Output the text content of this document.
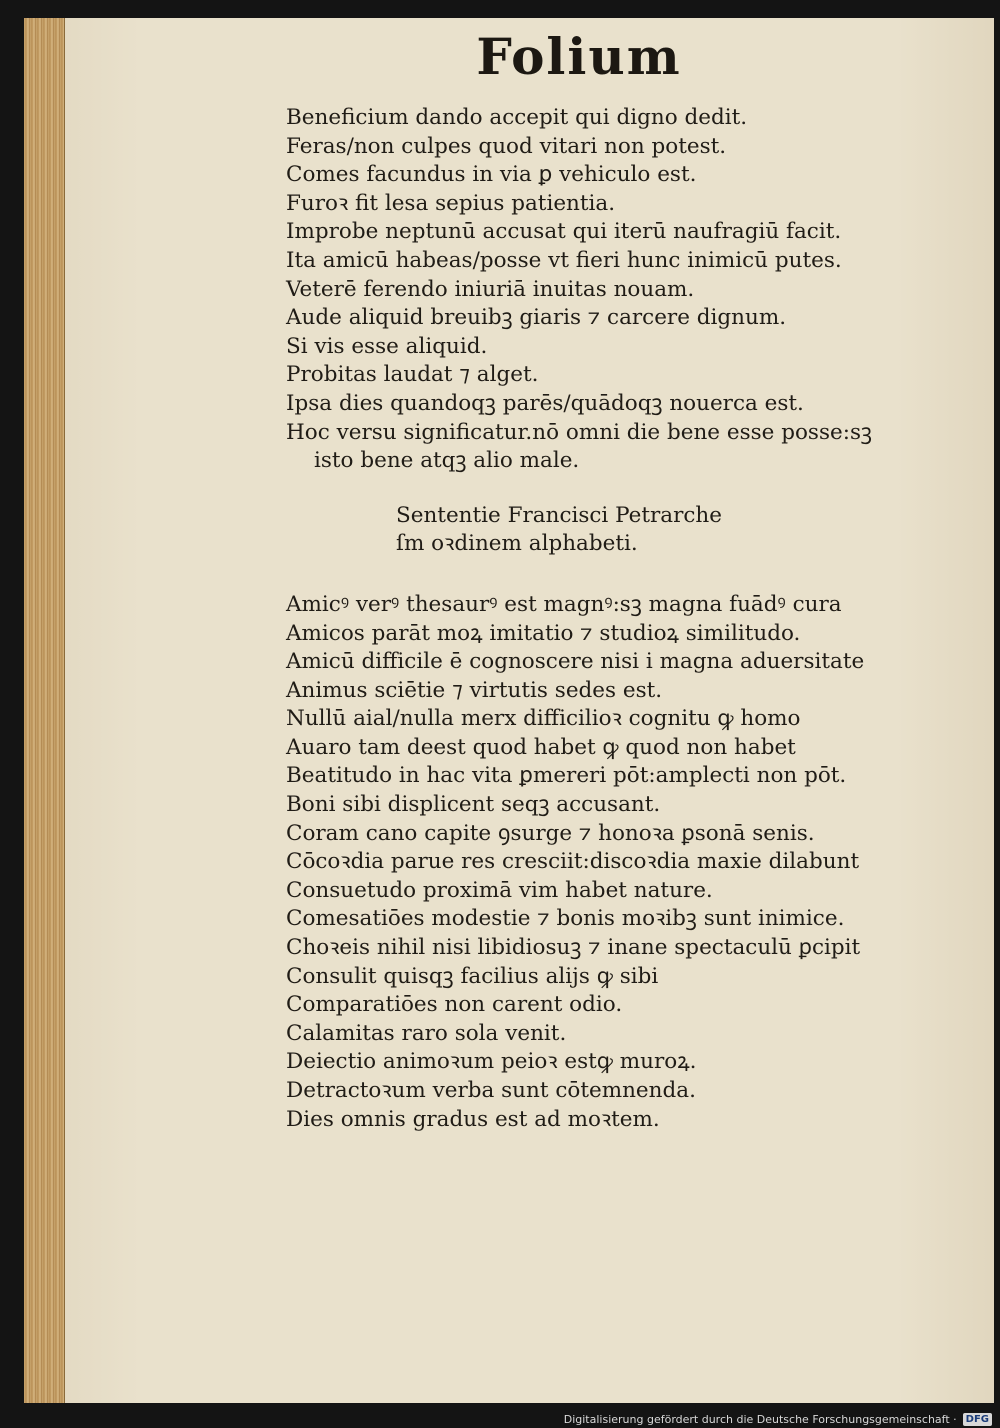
Folium
Beneficium dando accepit qui digno dedit.
Feras/non culpes quod vitari non potest.
Comes facundus in via ꝑ vehiculo est.
Furoꝛ fit lesa sepius patientia.
Improbe neptunū accusat qui iterū naufragiū facit.
Ita amicū habeas/posse vt fieri hunc inimicū putes.
Veterē ferendo iniuriā inuitas nouam.
Aude aliquid breuibꝫ giaris ⁊ carcere dignum.
Si vis esse aliquid.
Probitas laudat ⁊ alget.
Ipsa dies quandoqꝫ parēs/quādoqꝫ nouerca est.
Hoc versu significatur.nō omni die bene esse posse:sꝫ
isto bene atqꝫ alio male.
Sententie Francisci Petrarche
ſm oꝛdinem alphabeti.
Amicꝰ verꝰ thesaurꝰ est magnꝰ:sꝫ magna fuādꝰ cura
Amicos parāt moꝝ imitatio ⁊ studioꝝ similitudo.
Amicū difficile ē cognoscere nisi i magna aduersitate
Animus sciētie ⁊ virtutis sedes est.
Nullū aial/nulla merx difficilioꝛ cognitu ꝙ homo
Auaro tam deest quod habet ꝙ quod non habet
Beatitudo in hac vita ꝑmereri pōt:amplecti non pōt.
Boni sibi displicent seqꝫ accusant.
Coram cano capite ꝯsurge ⁊ honoꝛa ꝑsonā senis.
Cōcoꝛdia parue res cresciit:discoꝛdia maxie dilabunt
Consuetudo proximā vim habet nature.
Comesatiōes modestie ⁊ bonis moꝛibꝫ sunt inimice.
Choꝛeis nihil nisi libidiosuꝫ ⁊ inane spectaculū ꝑcipit
Consulit quisqꝫ facilius alijs ꝙ sibi
Comparatiōes non carent odio.
Calamitas raro sola venit.
Deiectio animoꝛum peioꝛ estꝙ muroꝝ.
Detractoꝛum verba sunt cōtemnenda.
Dies omnis gradus est ad moꝛtem.
Digitalisierung gefördert durch die Deutsche Forschungsgemeinschaft · DFG
